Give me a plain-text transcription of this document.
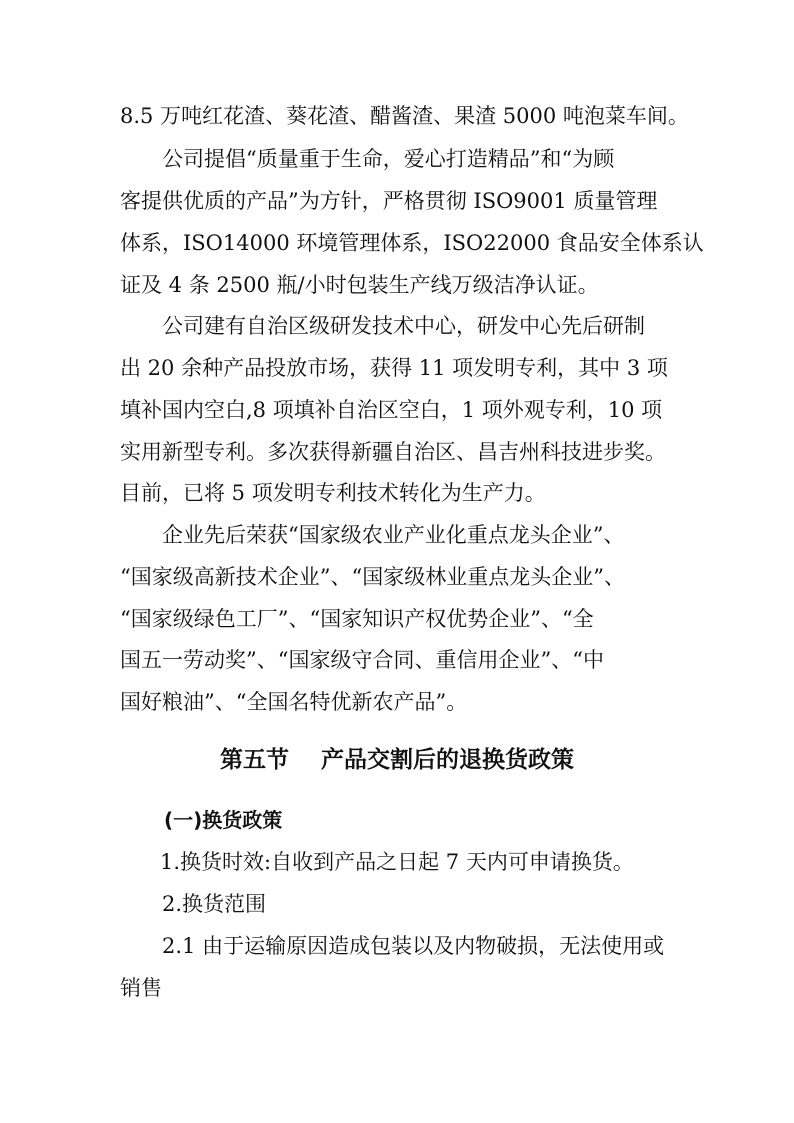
8.5 万吨红花渣、葵花渣、醋酱渣、果渣 5000 吨泡菜车间。
公司提倡“质量重于生命，爱心打造精品”和“为顾
客提供优质的产品”为方针，严格贯彻 ISO9001 质量管理
体系，ISO14000 环境管理体系，ISO22000 食品安全体系认
证及 4 条 2500 瓶/小时包装生产线万级洁净认证。
公司建有自治区级研发技术中心，研发中心先后研制
出 20 余种产品投放市场，获得 11 项发明专利，其中 3 项
填补国内空白,8 项填补自治区空白，1 项外观专利，10 项
实用新型专利。多次获得新疆自治区、昌吉州科技进步奖。
目前，已将 5 项发明专利技术转化为生产力。
企业先后荣获“国家级农业产业化重点龙头企业”、
“国家级高新技术企业”、“国家级林业重点龙头企业”、
“国家级绿色工厂”、“国家知识产权优势企业”、“全
国五一劳动奖”、“国家级守合同、重信用企业”、“中
国好粮油”、“全国名特优新农产品”。
第五节    产品交割后的退换货政策
(一)换货政策
1.换货时效:自收到产品之日起 7 天内可申请换货。
2.换货范围
2.1 由于运输原因造成包装以及内物破损，无法使用或
销售
